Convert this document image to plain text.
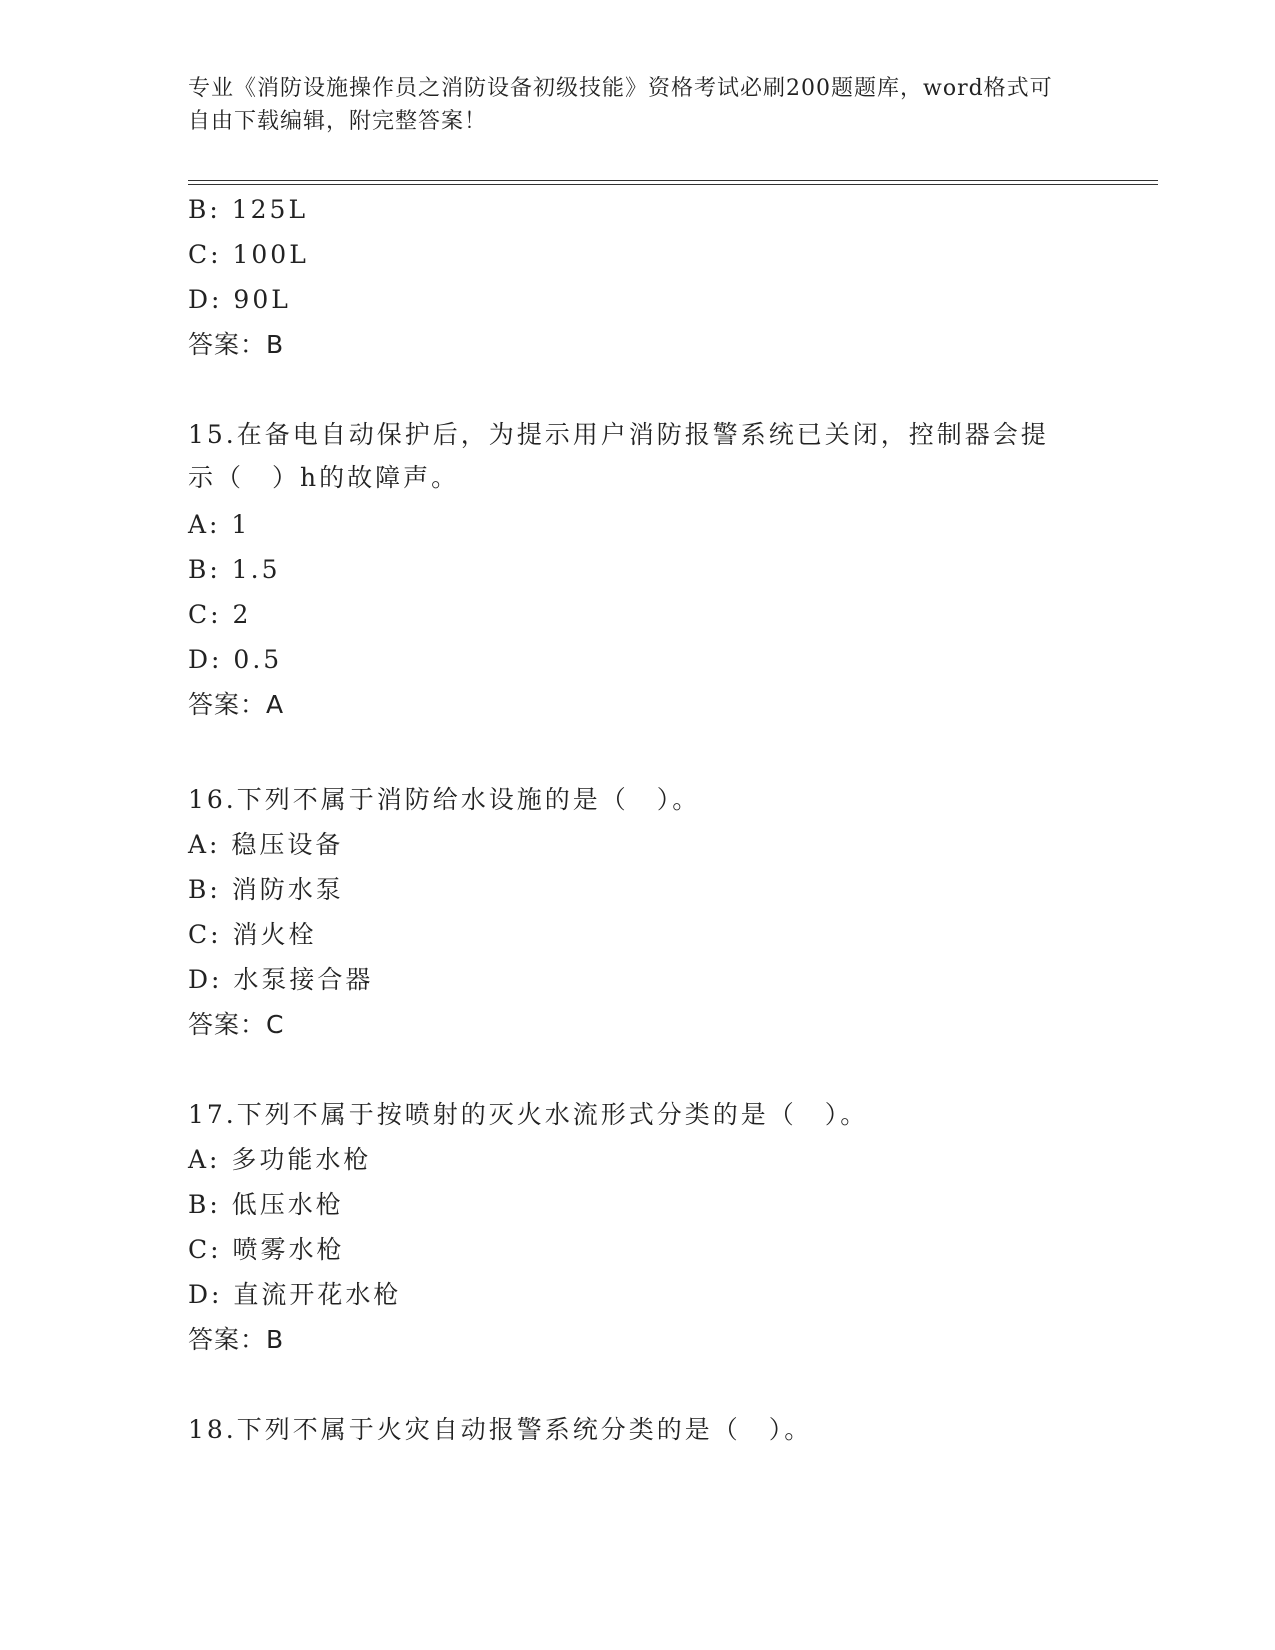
专业《消防设施操作员之消防设备初级技能》资格考试必刷200题题库，word格式可自由下载编辑，附完整答案！
B: 125L
C: 100L
D: 90L
答案：B
15.在备电自动保护后，为提示用户消防报警系统已关闭，控制器会提
示（　）h的故障声。
A: 1
B: 1.5
C: 2
D: 0.5
答案：A
16.下列不属于消防给水设施的是（　）。
A: 稳压设备
B: 消防水泵
C: 消火栓
D: 水泵接合器
答案：C
17.下列不属于按喷射的灭火水流形式分类的是（　）。
A: 多功能水枪
B: 低压水枪
C: 喷雾水枪
D: 直流开花水枪
答案：B
18.下列不属于火灾自动报警系统分类的是（　）。
